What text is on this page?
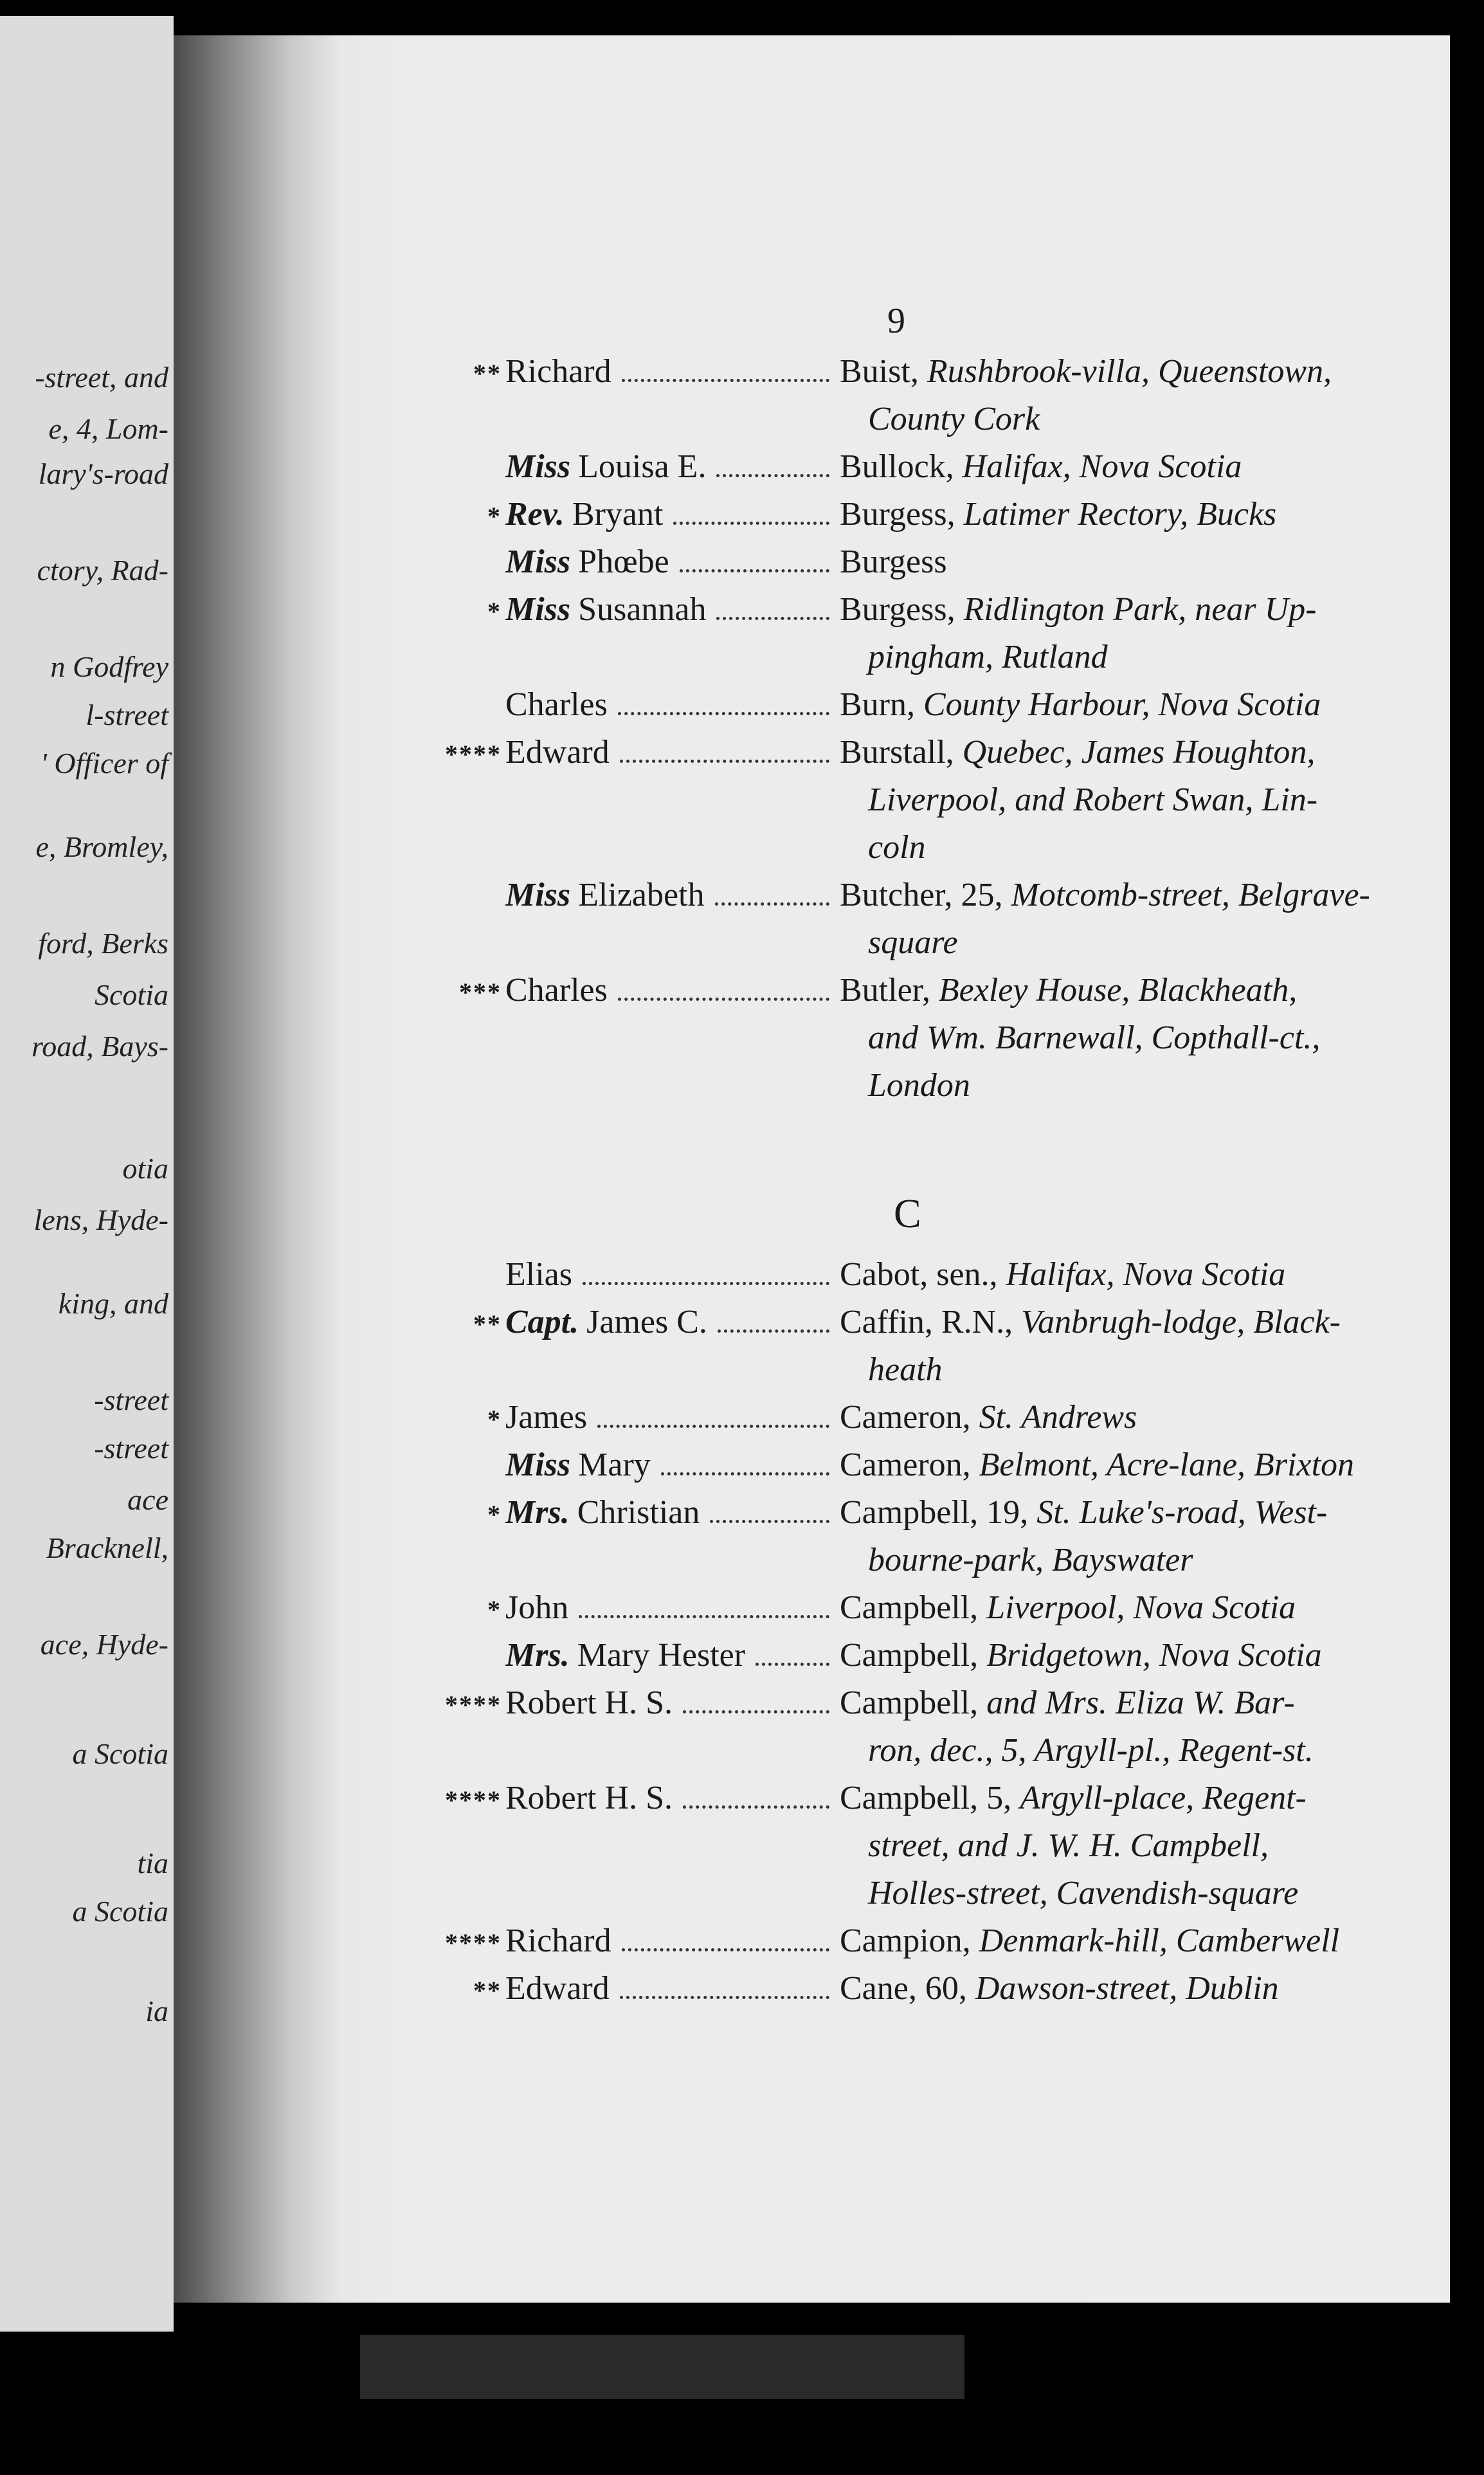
-street, and
e, 4, Lom-
lary's-road
ctory, Rad-
n Godfrey
l-street
' Officer of
e, Bromley,
ford, Berks
Scotia
road, Bays-
otia
lens, Hyde-
king, and
-street
-street
ace
Bracknell,
ace, Hyde-
a Scotia
tia
a Scotia
ia
9
** Richard	Buist, Rushbrook-villa, Queenstown,
County Cork
Miss Louisa E.	Bullock, Halifax, Nova Scotia
* Rev. Bryant	Burgess, Latimer Rectory, Bucks
Miss Phœbe	Burgess
* Miss Susannah	Burgess, Ridlington Park, near Up-
pingham, Rutland
Charles	Burn, County Harbour, Nova Scotia
**** Edward	Burstall, Quebec, James Houghton,
Liverpool, and Robert Swan, Lin-
coln
Miss Elizabeth	Butcher, 25, Motcomb-street, Belgrave-
square
*** Charles	Butler, Bexley House, Blackheath,
and Wm. Barnewall, Copthall-ct.,
London
C
Elias	Cabot, sen., Halifax, Nova Scotia
** Capt. James C.	Caffin, R.N., Vanbrugh-lodge, Black-
heath
* James	Cameron, St. Andrews
Miss Mary	Cameron, Belmont, Acre-lane, Brixton
* Mrs. Christian	Campbell, 19, St. Luke's-road, West-
bourne-park, Bayswater
* John	Campbell, Liverpool, Nova Scotia
Mrs. Mary Hester	Campbell, Bridgetown, Nova Scotia
**** Robert H. S.	Campbell, and Mrs. Eliza W. Bar-
ron, dec., 5, Argyll-pl., Regent-st.
**** Robert H. S.	Campbell, 5, Argyll-place, Regent-
street, and J. W. H. Campbell,
Holles-street, Cavendish-square
**** Richard	Campion, Denmark-hill, Camberwell
** Edward	Cane, 60, Dawson-street, Dublin
